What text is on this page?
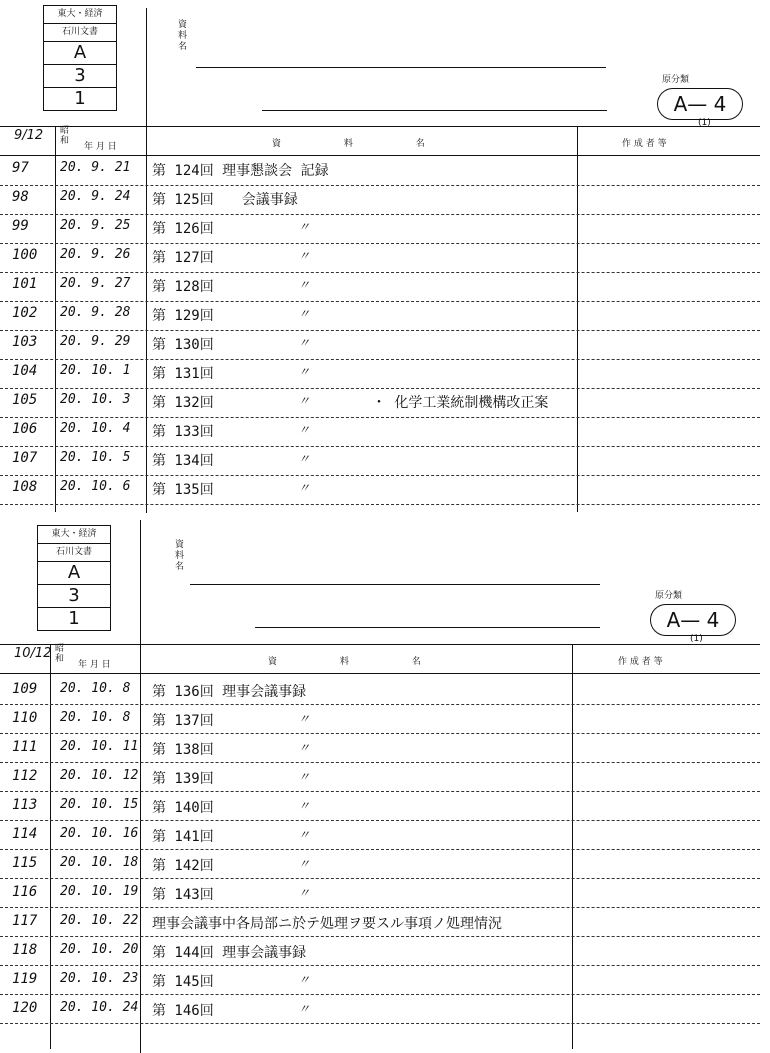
東大・経済
石川文書
A
3
1
資
料
名
原分類
A— 4
(1)
9/12 昭和
年 月 日	資 料 名	作 成 者 等
97 20. 9. 21 第 124回 理事懇談会 記録
98 20. 9. 24 第 125回　　会議事録
99 20. 9. 25 第 126回	〃
100 20. 9. 26 第 127回	〃
101 20. 9. 27 第 128回	〃
102 20. 9. 28 第 129回	〃
103 20. 9. 29 第 130回	〃
104 20. 10. 1 第 131回	〃
105 20. 10. 3 第 132回	〃	・ 化学工業統制機構改正案
106 20. 10. 4 第 133回	〃
107 20. 10. 5 第 134回	〃
108 20. 10. 6 第 135回	〃
東大・経済
石川文書
A
3
1
資
料
名
原分類
A— 4
(1)
10/12 昭和
年 月 日	資 料 名	作 成 者 等
109 20. 10. 8 第 136回 理事会議事録
110 20. 10. 8 第 137回	〃
111 20. 10. 11 第 138回	〃
112 20. 10. 12 第 139回	〃
113 20. 10. 15 第 140回	〃
114 20. 10. 16 第 141回	〃
115 20. 10. 18 第 142回	〃
116 20. 10. 19 第 143回	〃
117 20. 10. 22 理事会議事中各局部ニ於テ処理ヲ要スル事項ノ処理情況
118 20. 10. 20 第 144回 理事会議事録
119 20. 10. 23 第 145回	〃
120 20. 10. 24 第 146回	〃
